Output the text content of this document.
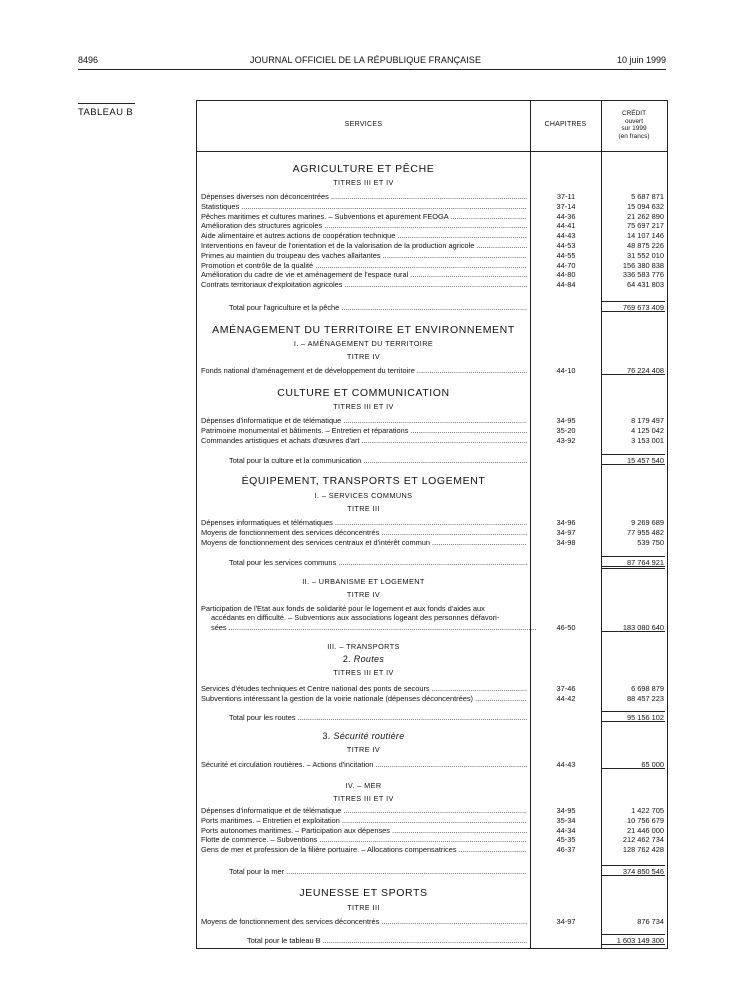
8496	JOURNAL OFFICIEL DE LA RÉPUBLIQUE FRANÇAISE	10 juin 1999
TABLEAU B
SERVICES	CHAPITRES
CRÉDIT
ouvert
sur 1999
(en francs)
AGRICULTURE ET PÊCHE
TITRES III ET IV
Dépenses diverses non déconcentrées .....	37-11	5 687 871
Statistiques .....	37-14	15 094 632
Pêches maritimes et cultures marines. – Subventions et apurement FEOGA .....	44-36	21 262 890
Amélioration des structures agricoles .....	44-41	75 697 217
Aide alimentaire et autres actions de coopération technique .....	44-43	14 107 146
Interventions en faveur de l'orientation et de la valorisation de la production agricole .....	44-53	48 875 226
Primes au maintien du troupeau des vaches allaitantes .....	44-55	31 552 010
Promotion et contrôle de la qualité .....	44-70	156 380 838
Amélioration du cadre de vie et aménagement de l'espace rural .....	44-80	336 583 776
Contrats territoriaux d'exploitation agricoles .....	44-84	64 431 803
Total pour l'agriculture et la pêche .....	769 673 409
AMÉNAGEMENT DU TERRITOIRE ET ENVIRONNEMENT
I. – AMÉNAGEMENT DU TERRITOIRE
TITRE IV
Fonds national d'aménagement et de développement du territoire .....	44-10	76 224 408
CULTURE ET COMMUNICATION
TITRES III ET IV
Dépenses d'informatique et de télématique .....	34-95	8 179 497
Patrimoine monumental et bâtiments. – Entretien et réparations .....	35-20	4 125 042
Commandes artistiques et achats d'œuvres d'art .....	43-92	3 153 001
Total pour la culture et la communication .....	15 457 540
ÉQUIPEMENT, TRANSPORTS ET LOGEMENT
I. – SERVICES COMMUNS
TITRE III
Dépenses informatiques et télématiques .....	34-96	9 269 689
Moyens de fonctionnement des services déconcentrés .....	34-97	77 955 482
Moyens de fonctionnement des services centraux et d'intérêt commun .....	34-98	539 750
Total pour les services communs .....	87 764 921
II. – URBANISME ET LOGEMENT
TITRE IV
Participation de l'Etat aux fonds de solidarité pour le logement et aux fonds d'aides aux
accédants en difficulté. – Subventions aux associations logeant des personnes défavori-
sées .....	46-50	183 080 640
III. – TRANSPORTS
2. Routes
TITRES III ET IV
Services d'études techniques et Centre national des ponts de secours .....	37-46	6 698 879
Subventions intéressant la gestion de la voirie nationale (dépenses déconcentrées) .....	44-42	88 457 223
Total pour les routes .....	95 156 102
3. Sécurité routière
TITRE IV
Sécurité et circulation routières. – Actions d'incitation .....	44-43	65 000
IV. – MER
TITRES III ET IV
Dépenses d'informatique et de télématique .....	34-95	1 422 705
Ports maritimes. – Entretien et exploitation .....	35-34	10 756 679
Ports autonomes maritimes. – Participation aux dépenses .....	44-34	21 446 000
Flotte de commerce. – Subventions .....	45-35	212 462 734
Gens de mer et profession de la filière portuaire. – Allocations compensatrices .....	46-37	128 762 428
Total pour la mer .....	374 850 546
JEUNESSE ET SPORTS
TITRE III
Moyens de fonctionnement des services déconcentrés .....	34-97	876 734
Total pour le tableau B .....	1 603 149 300
